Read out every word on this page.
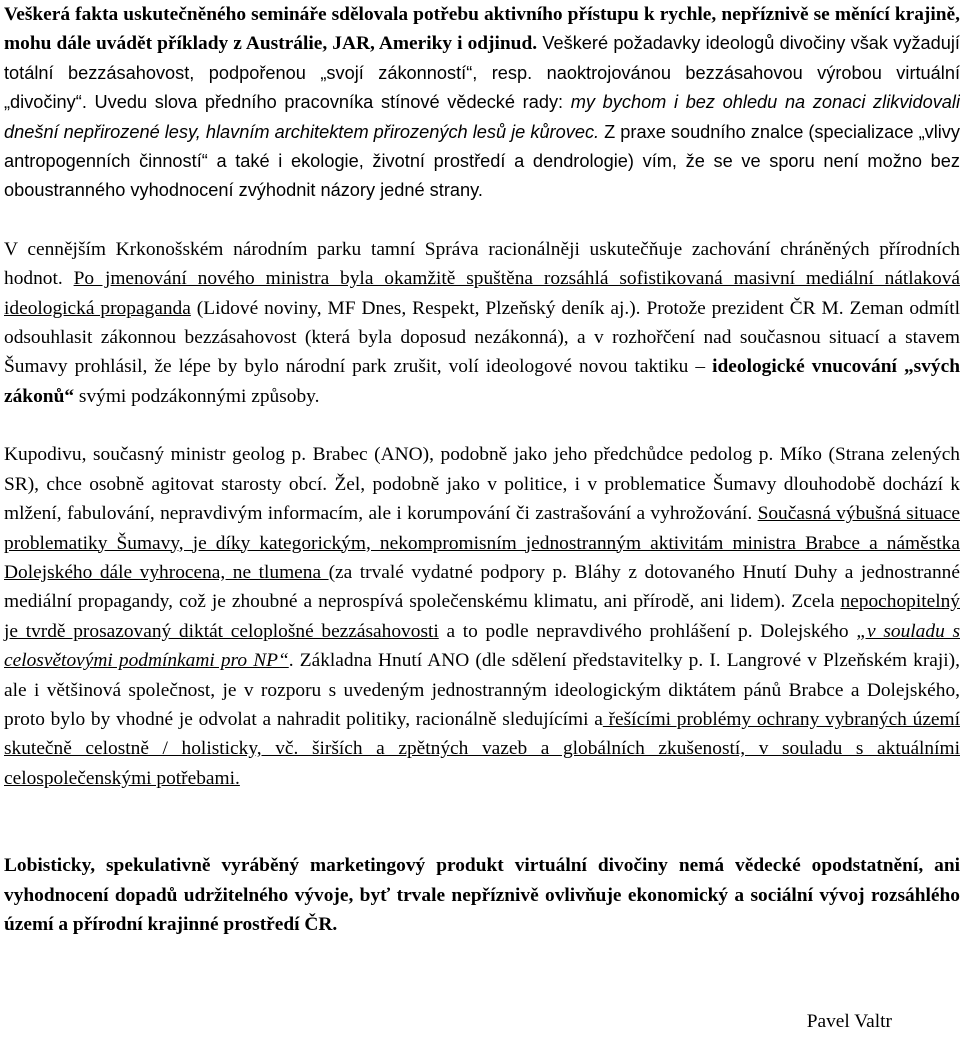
Veškerá fakta uskutečněného semináře sdělovala potřebu aktivního přístupu k rychle, nepříznivě se měnící krajině, mohu dále uvádět příklady z Austrálie, JAR, Ameriky i odjinud. Veškeré požadavky ideologů divočiny však vyžadují totální bezzásahovost, podpořenou „svojí zákonností“, resp. naoktrojovánou bezzásahovou výrobou virtuální „divočiny“. Uvedu slova předního pracovníka stínové vědecké rady: my bychom i bez ohledu na zonaci zlikvidovali dnešní nepřirozené lesy, hlavním architektem přirozených lesů je kůrovec. Z praxe soudního znalce (specializace „vlivy antropogenních činností“ a také i ekologie, životní prostředí a dendrologie) vím, že se ve sporu není možno bez oboustranného vyhodnocení zvýhodnit názory jedné strany.

V cennějším Krkonošském národním parku tamní Správa racionálněji uskutečňuje zachování chráněných přírodních hodnot. Po jmenování nového ministra byla okamžitě spuštěna rozsáhlá sofistikovaná masivní mediální nátlaková ideologická propaganda (Lidové noviny, MF Dnes, Respekt, Plzeňský deník aj.). Protože prezident ČR M. Zeman odmítl odsouhlasit zákonnou bezzásahovost (která byla doposud nezákonná), a v rozhořčení nad současnou situací a stavem Šumavy prohlásil, že lépe by bylo národní park zrušit, volí ideologové novou taktiku – ideologické vnucování „svých zákonů“ svými podzákonnými způsoby.

Kupodivu, současný ministr geolog p. Brabec (ANO), podobně jako jeho předchůdce pedolog p. Míko (Strana zelených SR), chce osobně agitovat starosty obcí. Žel, podobně jako v politice, i v problematice Šumavy dlouhodobě dochází k mlžení, fabulování, nepravdivým informacím, ale i korumpování či zastrašování a vyhrožování. Současná výbušná situace problematiky Šumavy, je díky kategorickým, nekompromisním jednostranným aktivitám ministra Brabce a náměstka Dolejského dále vyhrocena, ne tlumena (za trvalé vydatné podpory p. Bláhy z dotovaného Hnutí Duhy a jednostranné mediální propagandy, což je zhoubné a neprospívá společenskému klimatu, ani přírodě, ani lidem). Zcela nepochopitelný je tvrdě prosazovaný diktát celoplošné bezzásahovosti a to podle nepravdivého prohlášení p. Dolejského „v souladu s celosvětovými podmínkami pro NP“. Základna Hnutí ANO (dle sdělení představitelky p. I. Langrové v Plzeňském kraji), ale i většinová společnost, je v rozporu s uvedeným jednostranným ideologickým diktátem pánů Brabce a Dolejského, proto bylo by vhodné je odvolat a nahradit politiky, racionálně sledujícími a řešícími problémy ochrany vybraných území skutečně celostně / holisticky, vč. širších a zpětných vazeb a globálních zkušeností, v souladu s aktuálními celospolečenskými potřebami.

Lobisticky, spekulativně vyráběný marketingový produkt virtuální divočiny nemá vědecké opodstatnění, ani vyhodnocení dopadů udržitelného vývoje, byť trvale nepříznivě ovlivňuje ekonomický a sociální vývoj rozsáhlého území a přírodní krajinné prostředí ČR.

Pavel Valtr
